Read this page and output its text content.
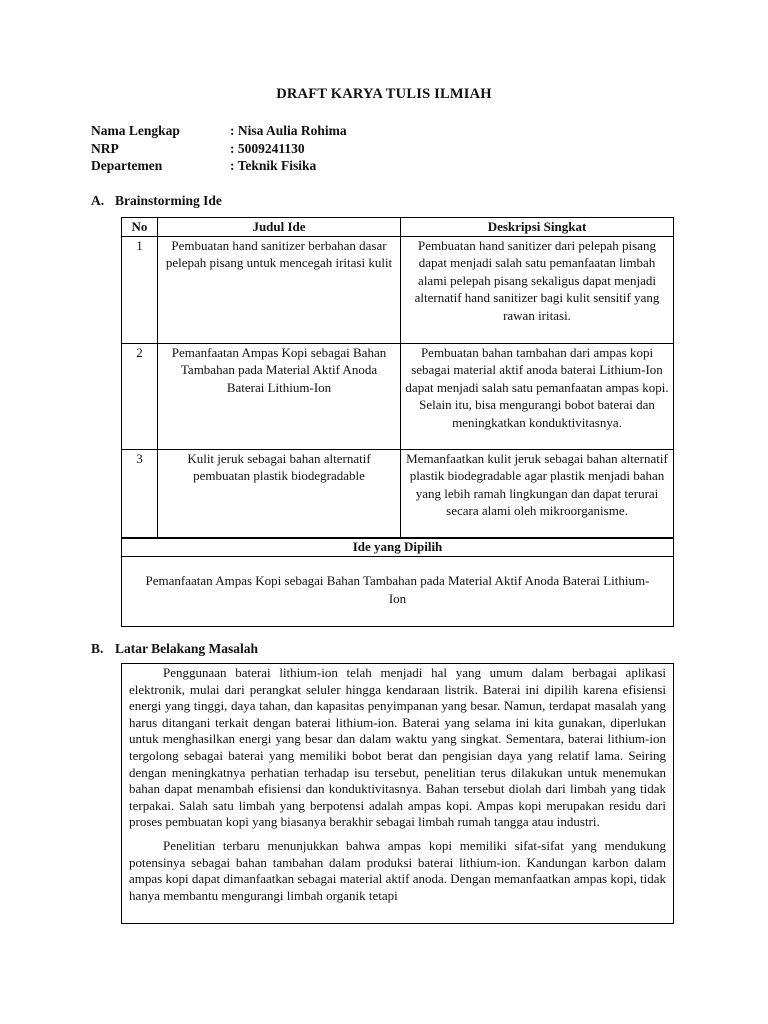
DRAFT KARYA TULIS ILMIAH
Nama Lengkap	: Nisa Aulia Rohima
NRP	: 5009241130
Departemen	: Teknik Fisika
A. Brainstorming Ide
No	Judul Ide	Deskripsi Singkat
1	Pembuatan hand sanitizer berbahan dasar pelepah pisang untuk mencegah iritasi kulit	Pembuatan hand sanitizer dari pelepah pisang dapat menjadi salah satu pemanfaatan limbah alami pelepah pisang sekaligus dapat menjadi alternatif hand sanitizer bagi kulit sensitif yang rawan iritasi.
2	Pemanfaatan Ampas Kopi sebagai Bahan Tambahan pada Material Aktif Anoda Baterai Lithium-Ion	Pembuatan bahan tambahan dari ampas kopi sebagai material aktif anoda baterai Lithium-Ion dapat menjadi salah satu pemanfaatan ampas kopi. Selain itu, bisa mengurangi bobot baterai dan meningkatkan konduktivitasnya.
3	Kulit jeruk sebagai bahan alternatif pembuatan plastik biodegradable	Memanfaatkan kulit jeruk sebagai bahan alternatif plastik biodegradable agar plastik menjadi bahan yang lebih ramah lingkungan dan dapat terurai secara alami oleh mikroorganisme.
Ide yang Dipilih
Pemanfaatan Ampas Kopi sebagai Bahan Tambahan pada Material Aktif Anoda Baterai Lithium-Ion
B. Latar Belakang Masalah

Penggunaan baterai lithium-ion telah menjadi hal yang umum dalam berbagai aplikasi elektronik, mulai dari perangkat seluler hingga kendaraan listrik. Baterai ini dipilih karena efisiensi energi yang tinggi, daya tahan, dan kapasitas penyimpanan yang besar. Namun, terdapat masalah yang harus ditangani terkait dengan baterai lithium-ion. Baterai yang selama ini kita gunakan, diperlukan untuk menghasilkan energi yang besar dan dalam waktu yang singkat. Sementara, baterai lithium-ion tergolong sebagai baterai yang memiliki bobot berat dan pengisian daya yang relatif lama. Seiring dengan meningkatnya perhatian terhadap isu tersebut, penelitian terus dilakukan untuk menemukan bahan dapat menambah efisiensi dan konduktivitasnya. Bahan tersebut diolah dari limbah yang tidak terpakai. Salah satu limbah yang berpotensi adalah ampas kopi. Ampas kopi merupakan residu dari proses pembuatan kopi yang biasanya berakhir sebagai limbah rumah tangga atau industri.

Penelitian terbaru menunjukkan bahwa ampas kopi memiliki sifat-sifat yang mendukung potensinya sebagai bahan tambahan dalam produksi baterai lithium-ion. Kandungan karbon dalam ampas kopi dapat dimanfaatkan sebagai material aktif anoda. Dengan memanfaatkan ampas kopi, tidak hanya membantu mengurangi limbah organik tetapi
